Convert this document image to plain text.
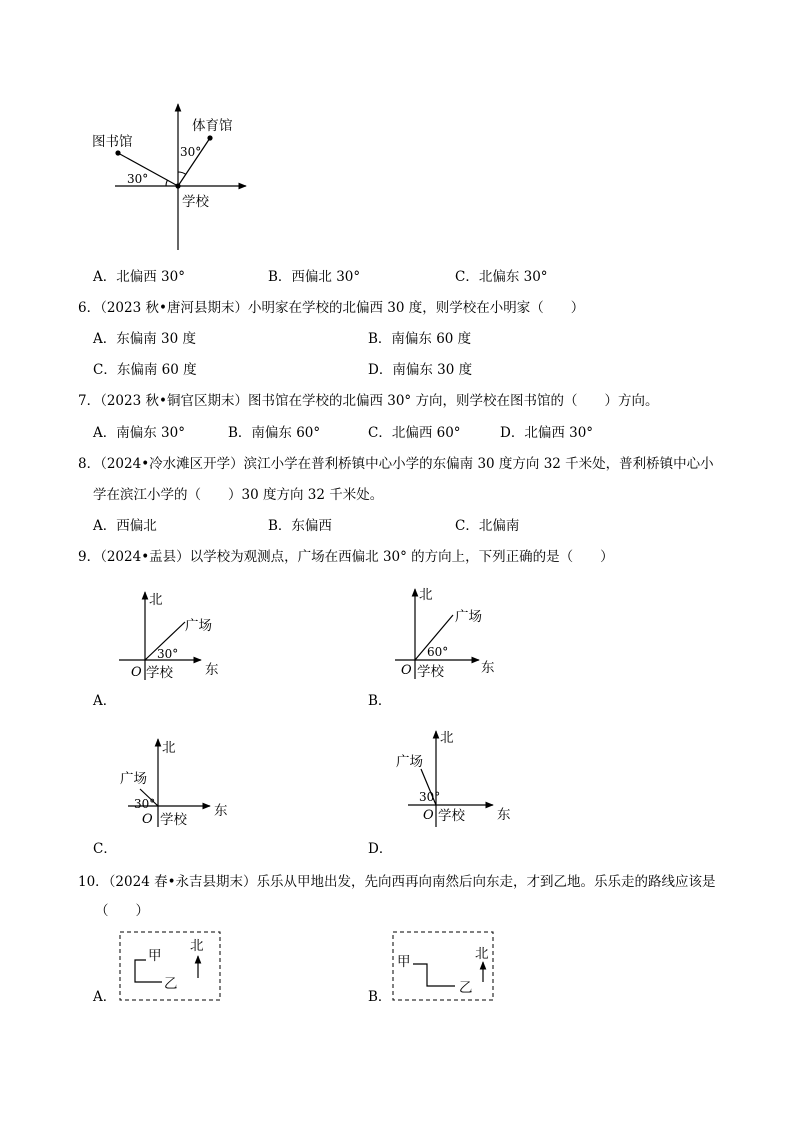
图书馆
体育馆
学校
30°
30°
A．北偏西 30°	B．西偏北 30°	C．北偏东 30°
6．（2023 秋•唐河县期末）小明家在学校的北偏西 30 度，则学校在小明家（　　）
A．东偏南 30 度	B．南偏东 60 度
C．东偏南 60 度	D．南偏东 30 度
7．（2023 秋•铜官区期末）图书馆在学校的北偏西 30° 方向，则学校在图书馆的（　　）方向。
A．南偏东 30°	B．南偏东 60°	C．北偏西 60°	D．北偏西 30°
8．（2024•冷水滩区开学）滨江小学在普利桥镇中心小学的东偏南 30 度方向 32 千米处，普利桥镇中心小
学在滨江小学的（　　）30 度方向 32 千米处。
A．西偏北	B．东偏西	C．北偏南
9．（2024•盂县）以学校为观测点，广场在西偏北 30° 的方向上，下列正确的是（　　）
北
东
广场
30°
O 学校
A．
北
东
广场
60°
O 学校
B．
北
东
广场
30°
O 学校
C．
北
东
广场
30°
O 学校
D．
10．（2024 春•永吉县期末）乐乐从甲地出发，先向西再向南然后向东走，才到乙地。乐乐走的路线应该是
（　　）
甲
乙
北
A．
甲
乙
北
B．
